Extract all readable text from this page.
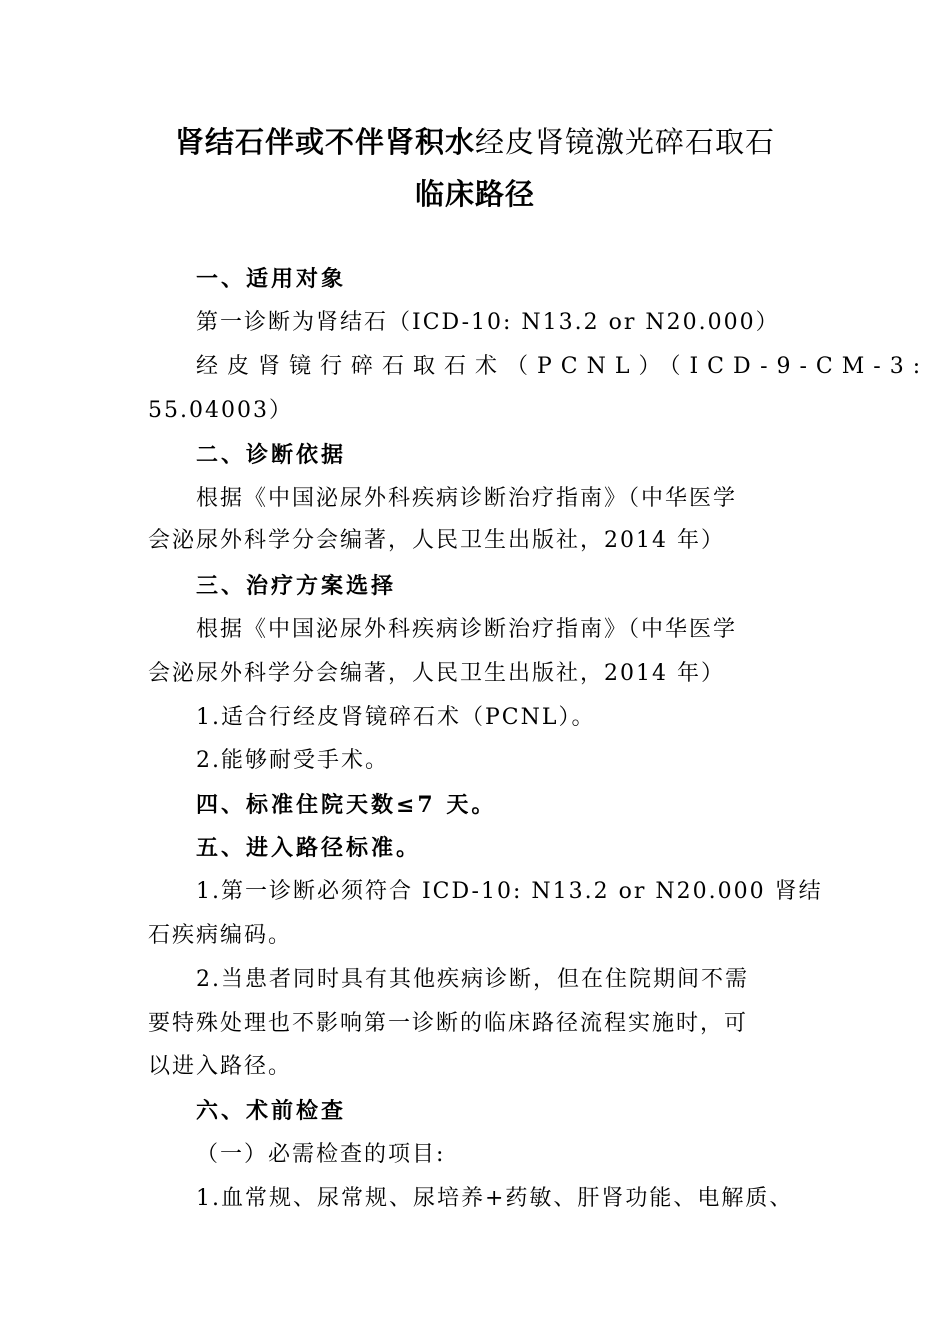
肾结石伴或不伴肾积水经皮肾镜激光碎石取石
临床路径
一、适用对象
第一诊断为肾结石（ICD-10: N13.2 or N20.000）
经皮肾镜行碎石取石术（PCNL）（ICD-9-CM-3:
55.04003）
二、诊断依据
根据《中国泌尿外科疾病诊断治疗指南》（中华医学
会泌尿外科学分会编著，人民卫生出版社，2014 年）
三、治疗方案选择
根据《中国泌尿外科疾病诊断治疗指南》（中华医学
会泌尿外科学分会编著，人民卫生出版社，2014 年）
1.适合行经皮肾镜碎石术（PCNL）。
2.能够耐受手术。
四、标准住院天数≤7 天。
五、进入路径标准。
1.第一诊断必须符合 ICD-10: N13.2 or N20.000 肾结
石疾病编码。
2.当患者同时具有其他疾病诊断，但在住院期间不需
要特殊处理也不影响第一诊断的临床路径流程实施时，可
以进入路径。
六、术前检查
（一）必需检查的项目:
1.血常规、尿常规、尿培养+药敏、肝肾功能、电解质、
